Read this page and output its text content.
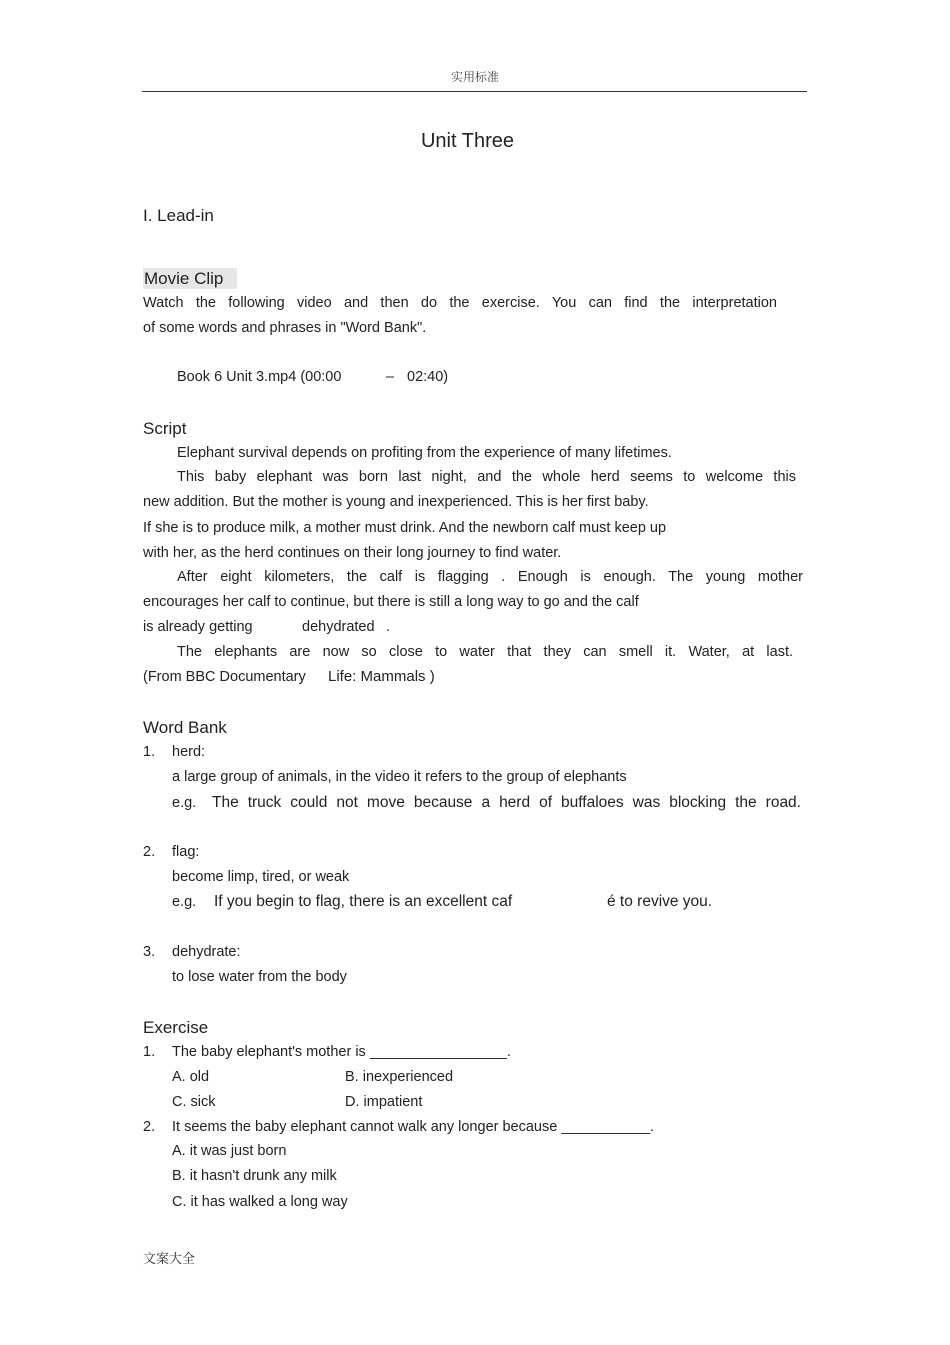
实用标准
Unit Three
I. Lead-in
Movie Clip
Watch the following video and then do the exercise. You can find the interpretation
of some words and phrases in "Word Bank".
Book 6 Unit 3.mp4 (00:00	– 02:40)
Script
Elephant survival depends on profiting from the experience of many lifetimes.
This baby elephant was born last night, and the whole herd seems to welcome this
new addition. But the mother is young and inexperienced. This is her first baby.
If she is to produce milk, a mother must drink. And the newborn calf must keep up
with her, as the herd continues on their long journey to find water.
After eight kilometers, the calf is flagging . Enough is enough. The young mother
encourages her calf to continue, but there is still a long way to go and the calf
is already getting	dehydrated .
The elephants are now so close to water that they can smell it. Water, at last.
(From BBC Documentary Life: Mammals )
Word Bank
1. herd:
a large group of animals, in the video it refers to the group of elephants
e.g. The truck could not move because a herd of buffaloes was blocking the road.
2. flag:
become limp, tired, or weak
e.g. If you begin to flag, there is an excellent caf	é to revive you.
3. dehydrate:
to lose water from the body
Exercise
1. The baby elephant's mother is _________________.
A. old	B. inexperienced
C. sick	D. impatient
2. It seems the baby elephant cannot walk any longer because ___________.
A. it was just born
B. it hasn't drunk any milk
C. it has walked a long way
文案大全
